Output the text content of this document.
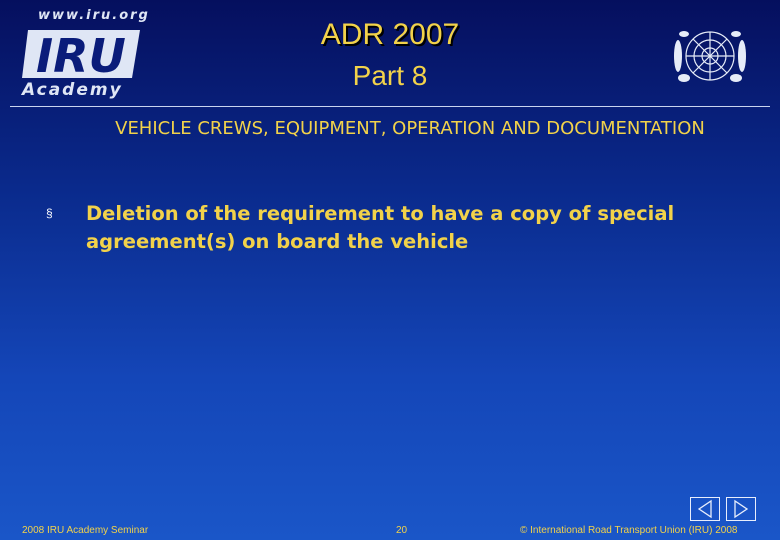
www.iru.org
IRU
Academy
ADR 2007
Part 8
VEHICLE CREWS, EQUIPMENT, OPERATION AND DOCUMENTATION
§ Deletion of the requirement to have a copy of special agreement(s) on board the vehicle
2008 IRU Academy Seminar	20	© International Road Transport Union (IRU) 2008
